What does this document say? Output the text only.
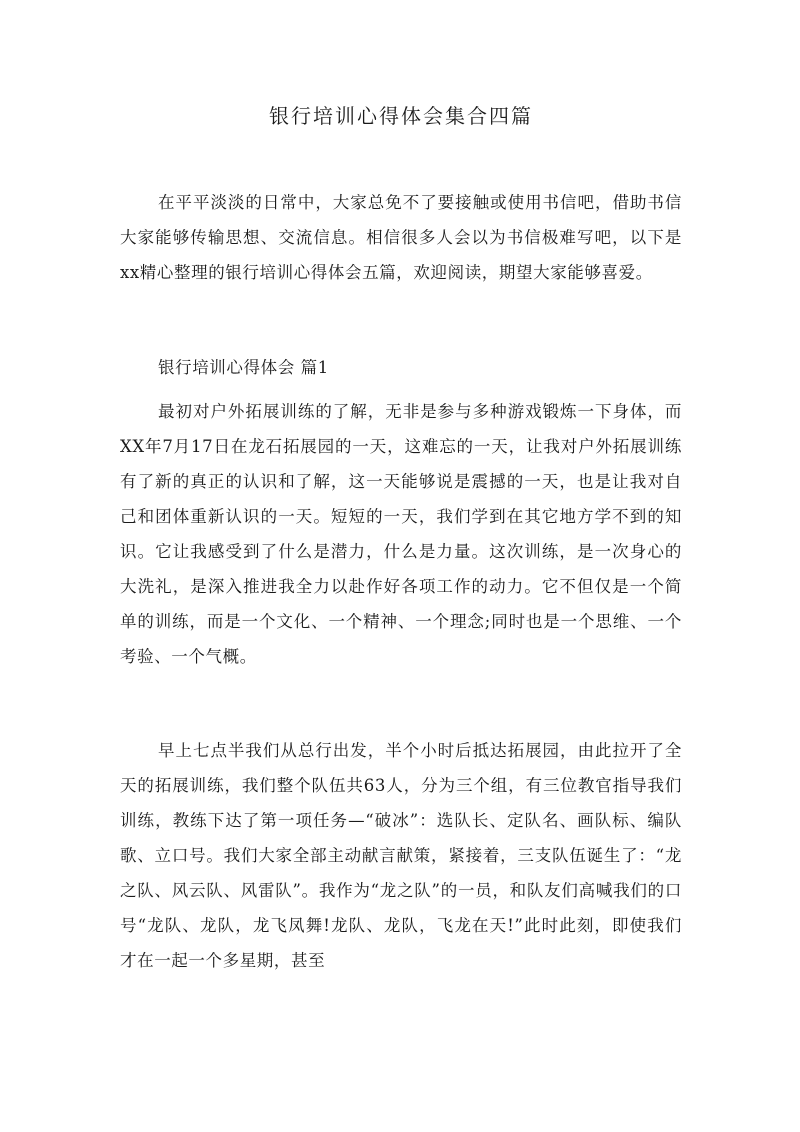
银行培训心得体会集合四篇

在平平淡淡的日常中，大家总免不了要接触或使用书信吧，借助书信大家能够传输思想、交流信息。相信很多人会以为书信极难写吧，以下是xx精心整理的银行培训心得体会五篇，欢迎阅读，期望大家能够喜爱。

银行培训心得体会 篇1

最初对户外拓展训练的了解，无非是参与多种游戏锻炼一下身体，而XX年7月17日在龙石拓展园的一天，这难忘的一天，让我对户外拓展训练有了新的真正的认识和了解，这一天能够说是震撼的一天，也是让我对自己和团体重新认识的一天。短短的一天，我们学到在其它地方学不到的知识。它让我感受到了什么是潜力，什么是力量。这次训练，是一次身心的大洗礼，是深入推进我全力以赴作好各项工作的动力。它不但仅是一个简单的训练，而是一个文化、一个精神、一个理念;同时也是一个思维、一个考验、一个气概。

早上七点半我们从总行出发，半个小时后抵达拓展园，由此拉开了全天的拓展训练，我们整个队伍共63人，分为三个组，有三位教官指导我们训练，教练下达了第一项任务—“破冰”：选队长、定队名、画队标、编队歌、立口号。我们大家全部主动献言献策，紧接着，三支队伍诞生了：“龙之队、风云队、风雷队”。我作为“龙之队”的一员，和队友们高喊我们的口号“龙队、龙队，龙飞凤舞!龙队、龙队，飞龙在天!”此时此刻，即使我们才在一起一个多星期，甚至
